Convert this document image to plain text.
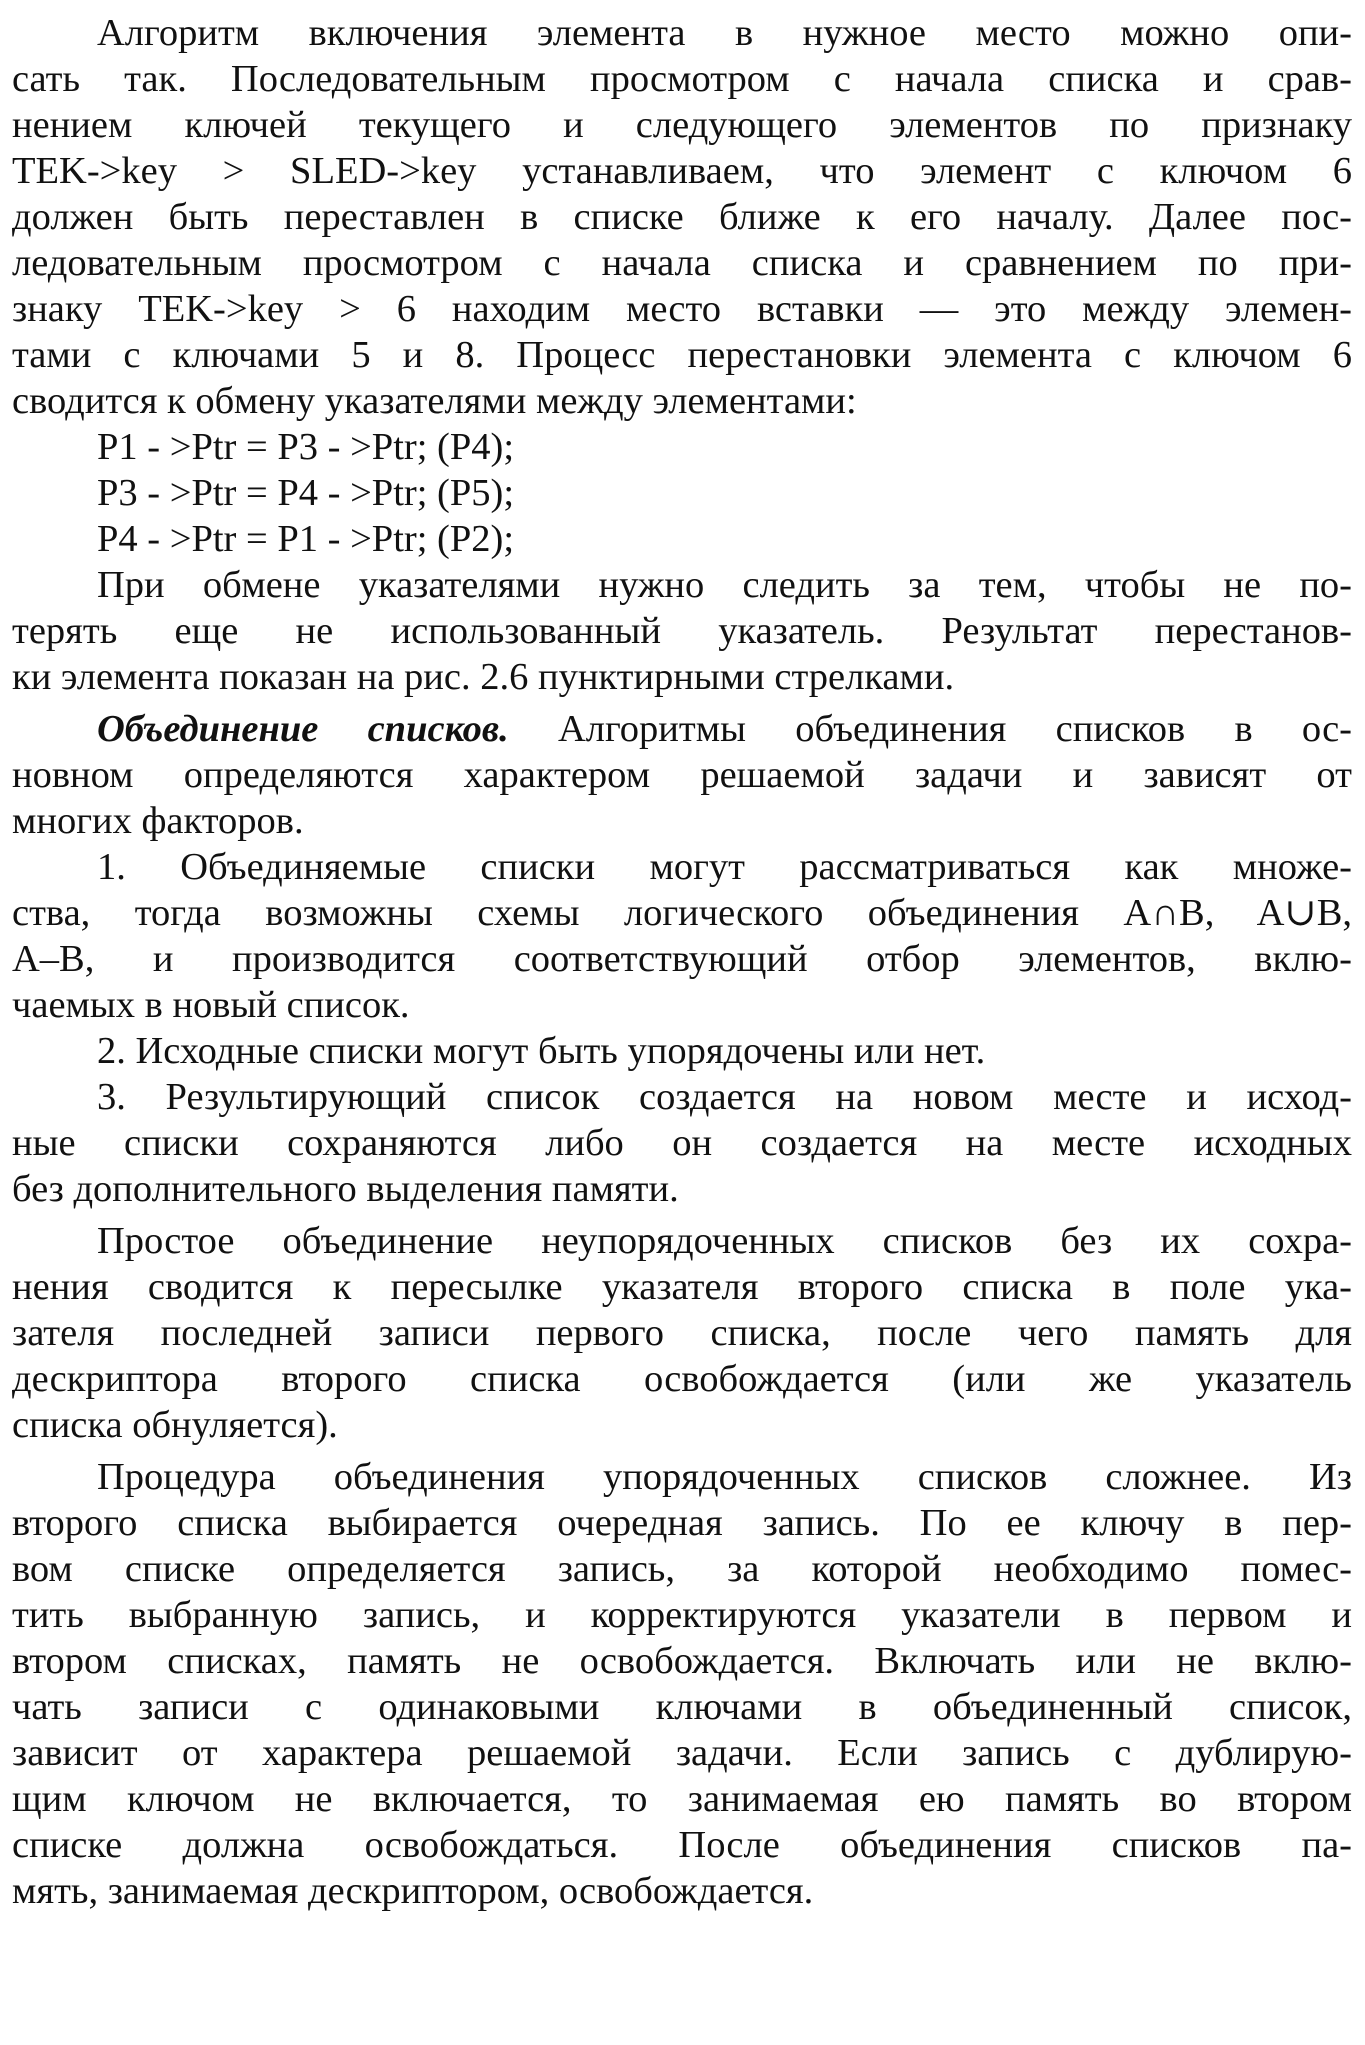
Алгоритм включения элемента в нужное место можно опи-
сать так. Последовательным просмотром с начала списка и срав-
нением ключей текущего и следующего элементов по признаку
TEK->key > SLED->key устанавливаем, что элемент с ключом 6
должен быть переставлен в списке ближе к его началу. Далее пос-
ледовательным просмотром с начала списка и сравнением по при-
знаку TEK->key > 6 находим место вставки — это между элемен-
тами с ключами 5 и 8. Процесс перестановки элемента с ключом 6
сводится к обмену указателями между элементами:
P1 - >Ptr = P3 - >Ptr; (P4);
P3 - >Ptr = P4 - >Ptr; (P5);
P4 - >Ptr = P1 - >Ptr; (P2);
При обмене указателями нужно следить за тем, чтобы не по-
терять еще не использованный указатель. Результат перестанов-
ки элемента показан на рис. 2.6 пунктирными стрелками.
Объединение списков. Алгоритмы объединения списков в ос-
новном определяются характером решаемой задачи и зависят от
многих факторов.
1. Объединяемые списки могут рассматриваться как множе-
ства, тогда возможны схемы логического объединения A∩B, A∪B,
A–B, и производится соответствующий отбор элементов, вклю-
чаемых в новый список.
2. Исходные списки могут быть упорядочены или нет.
3. Результирующий список создается на новом месте и исход-
ные списки сохраняются либо он создается на месте исходных
без дополнительного выделения памяти.
Простое объединение неупорядоченных списков без их сохра-
нения сводится к пересылке указателя второго списка в поле ука-
зателя последней записи первого списка, после чего память для
дескриптора второго списка освобождается (или же указатель
списка обнуляется).
Процедура объединения упорядоченных списков сложнее. Из
второго списка выбирается очередная запись. По ее ключу в пер-
вом списке определяется запись, за которой необходимо помес-
тить выбранную запись, и корректируются указатели в первом и
втором списках, память не освобождается. Включать или не вклю-
чать записи с одинаковыми ключами в объединенный список,
зависит от характера решаемой задачи. Если запись с дублирую-
щим ключом не включается, то занимаемая ею память во втором
списке должна освобождаться. После объединения списков па-
мять, занимаемая дескриптором, освобождается.
